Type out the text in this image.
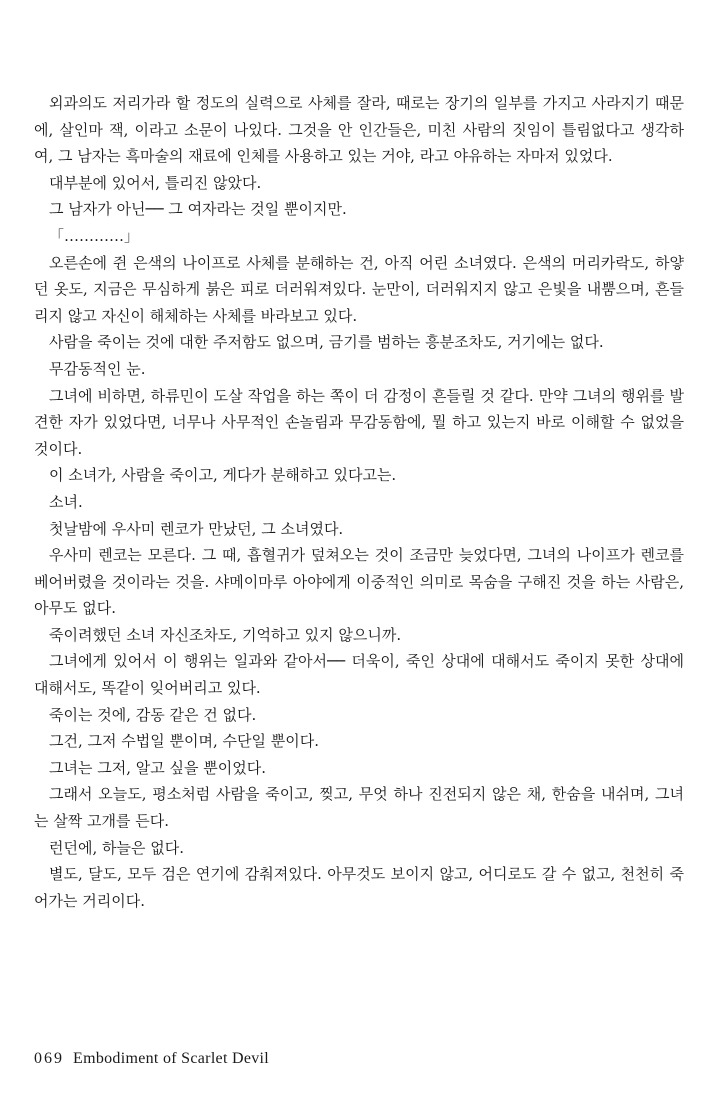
외과의도 저리가라 할 정도의 실력으로 사체를 잘라, 때로는 장기의 일부를 가지고 사라지기 때문에, 살인마 잭, 이라고 소문이 나있다. 그것을 안 인간들은, 미친 사람의 짓임이 틀림없다고 생각하여, 그 남자는 흑마술의 재료에 인체를 사용하고 있는 거야, 라고 야유하는 자마저 있었다.

대부분에 있어서, 틀리진 않았다.

그 남자가 아닌── 그 여자라는 것일 뿐이지만.

「…………」

오른손에 쥔 은색의 나이프로 사체를 분해하는 건, 아직 어린 소녀였다. 은색의 머리카락도, 하얗던 옷도, 지금은 무심하게 붉은 피로 더러워져있다. 눈만이, 더러워지지 않고 은빛을 내뿜으며, 흔들리지 않고 자신이 해체하는 사체를 바라보고 있다.

사람을 죽이는 것에 대한 주저함도 없으며, 금기를 범하는 흥분조차도, 거기에는 없다.

무감동적인 눈.

그녀에 비하면, 하류민이 도살 작업을 하는 쪽이 더 감정이 흔들릴 것 같다. 만약 그녀의 행위를 발견한 자가 있었다면, 너무나 사무적인 손놀림과 무감동함에, 뭘 하고 있는지 바로 이해할 수 없었을 것이다.

이 소녀가, 사람을 죽이고, 게다가 분해하고 있다고는.

소녀.

첫날밤에 우사미 렌코가 만났던, 그 소녀였다.

우사미 렌코는 모른다. 그 때, 흡혈귀가 덮쳐오는 것이 조금만 늦었다면, 그녀의 나이프가 렌코를 베어버렸을 것이라는 것을. 샤메이마루 아야에게 이중적인 의미로 목숨을 구해진 것을 하는 사람은, 아무도 없다.

죽이려했던 소녀 자신조차도, 기억하고 있지 않으니까.

그녀에게 있어서 이 행위는 일과와 같아서── 더욱이, 죽인 상대에 대해서도 죽이지 못한 상대에 대해서도, 똑같이 잊어버리고 있다.

죽이는 것에, 감동 같은 건 없다.

그건, 그저 수법일 뿐이며, 수단일 뿐이다.

그녀는 그저, 알고 싶을 뿐이었다.

그래서 오늘도, 평소처럼 사람을 죽이고, 찢고, 무엇 하나 진전되지 않은 채, 한숨을 내쉬며, 그녀는 살짝 고개를 든다.

런던에, 하늘은 없다.

별도, 달도, 모두 검은 연기에 감춰져있다. 아무것도 보이지 않고, 어디로도 갈 수 없고, 천천히 죽어가는 거리이다.

069 Embodiment of Scarlet Devil
